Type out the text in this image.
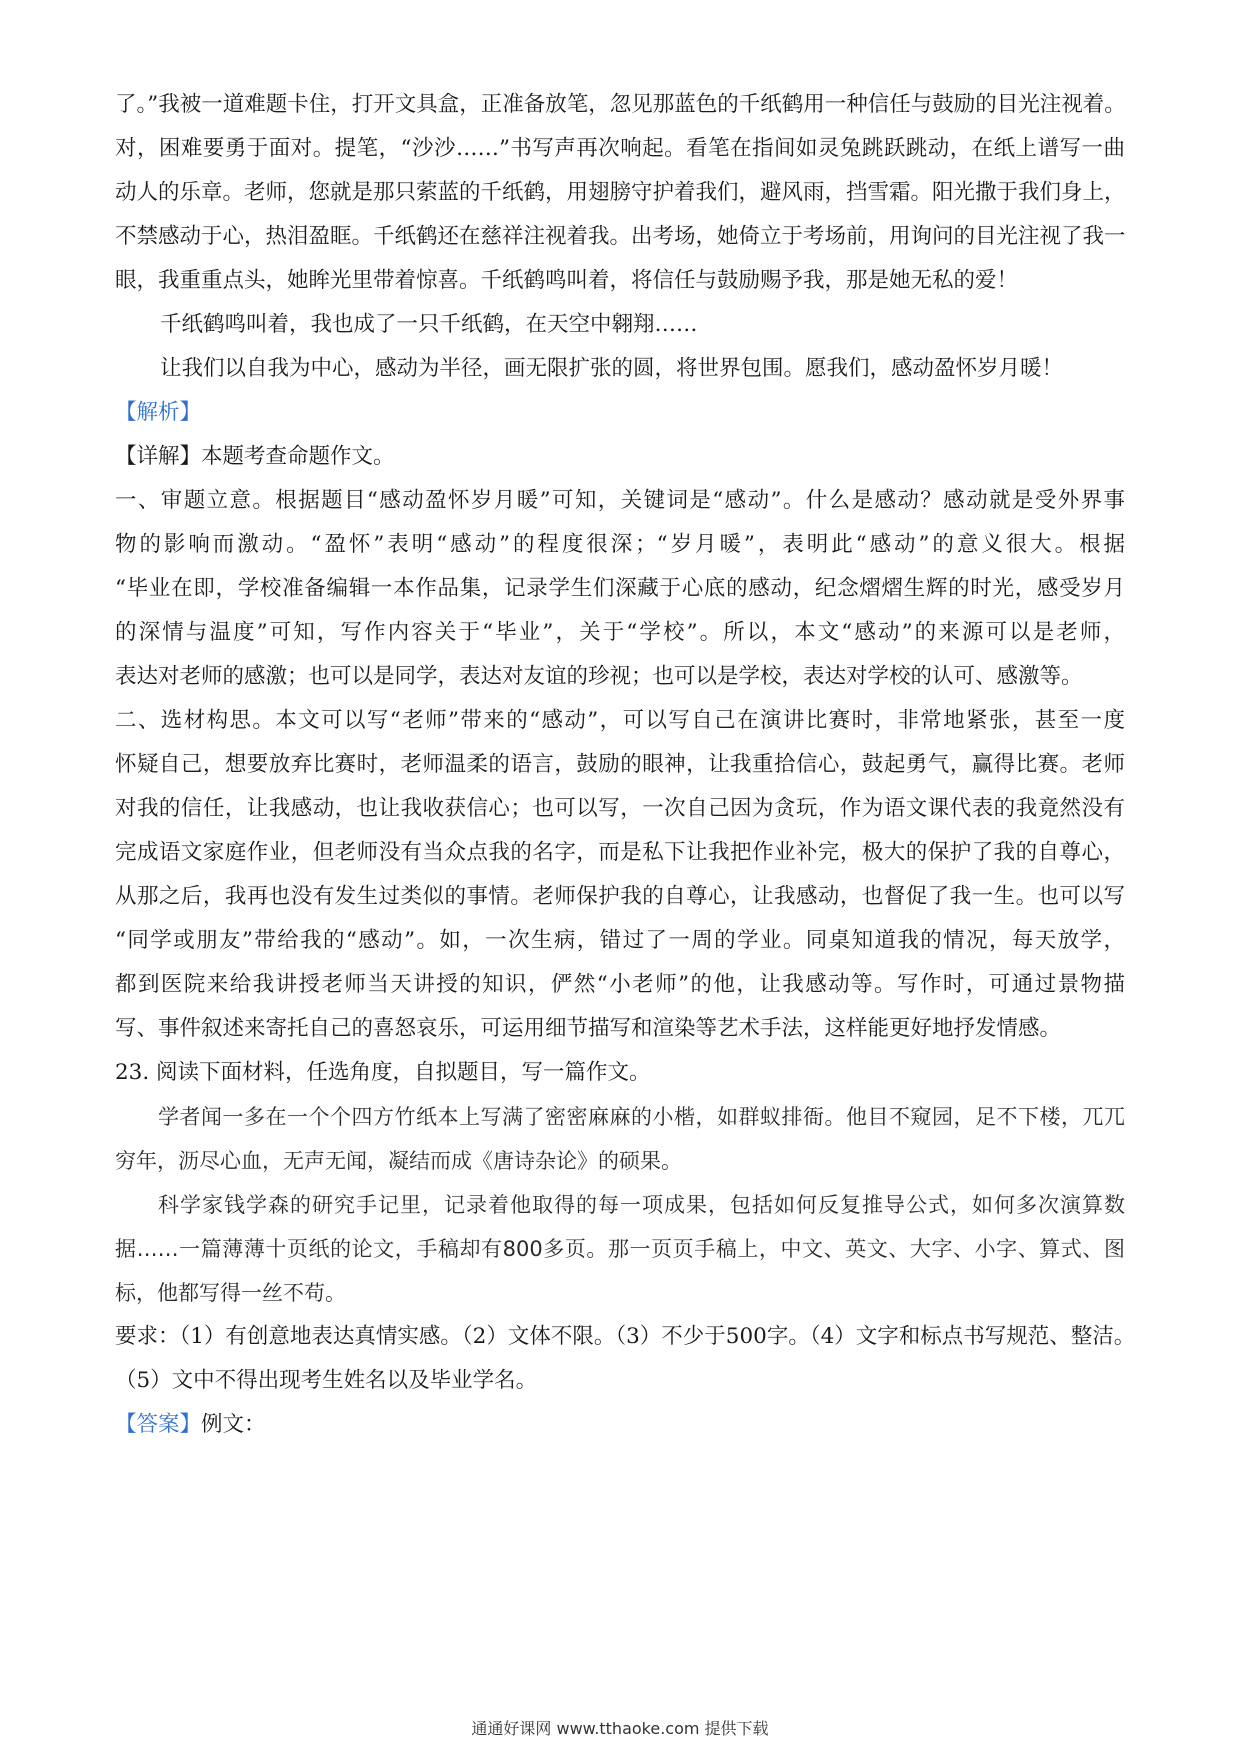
了。”我被一道难题卡住，打开文具盒，正准备放笔，忽见那蓝色的千纸鹤用一种信任与鼓励的目光注视着。
对，困难要勇于面对。提笔，“沙沙……”书写声再次响起。看笔在指间如灵兔跳跃跳动，在纸上谱写一曲
动人的乐章。老师，您就是那只萦蓝的千纸鹤，用翅膀守护着我们，避风雨，挡雪霜。阳光撒于我们身上，
不禁感动于心，热泪盈眶。千纸鹤还在慈祥注视着我。出考场，她倚立于考场前，用询问的目光注视了我一
眼，我重重点头，她眸光里带着惊喜。千纸鹤鸣叫着，将信任与鼓励赐予我，那是她无私的爱！
千纸鹤鸣叫着，我也成了一只千纸鹤，在天空中翱翔……
让我们以自我为中心，感动为半径，画无限扩张的圆，将世界包围。愿我们，感动盈怀岁月暖！
【解析】
【详解】本题考查命题作文。
一、审题立意。根据题目“感动盈怀岁月暖”可知，关键词是“感动”。什么是感动？感动就是受外界事
物的影响而激动。“盈怀”表明“感动”的程度很深；“岁月暖”，表明此“感动”的意义很大。根据
“毕业在即，学校准备编辑一本作品集，记录学生们深藏于心底的感动，纪念熠熠生辉的时光，感受岁月
的深情与温度”可知，写作内容关于“毕业”，关于“学校”。所以，本文“感动”的来源可以是老师，
表达对老师的感激；也可以是同学，表达对友谊的珍视；也可以是学校，表达对学校的认可、感激等。
二、选材构思。本文可以写“老师”带来的“感动”，可以写自己在演讲比赛时，非常地紧张，甚至一度
怀疑自己，想要放弃比赛时，老师温柔的语言，鼓励的眼神，让我重拾信心，鼓起勇气，赢得比赛。老师
对我的信任，让我感动，也让我收获信心；也可以写，一次自己因为贪玩，作为语文课代表的我竟然没有
完成语文家庭作业，但老师没有当众点我的名字，而是私下让我把作业补完，极大的保护了我的自尊心，
从那之后，我再也没有发生过类似的事情。老师保护我的自尊心，让我感动，也督促了我一生。也可以写
“同学或朋友”带给我的“感动”。如，一次生病，错过了一周的学业。同桌知道我的情况，每天放学，
都到医院来给我讲授老师当天讲授的知识，俨然“小老师”的他，让我感动等。写作时，可通过景物描
写、事件叙述来寄托自己的喜怒哀乐，可运用细节描写和渲染等艺术手法，这样能更好地抒发情感。
23. 阅读下面材料，任选角度，自拟题目，写一篇作文。
学者闻一多在一个个四方竹纸本上写满了密密麻麻的小楷，如群蚁排衙。他目不窥园，足不下楼，兀兀
穷年，沥尽心血，无声无闻，凝结而成《唐诗杂论》的硕果。
科学家钱学森的研究手记里，记录着他取得的每一项成果，包括如何反复推导公式，如何多次演算数
据……一篇薄薄十页纸的论文，手稿却有800多页。那一页页手稿上，中文、英文、大字、小字、算式、图
标，他都写得一丝不苟。
要求：（1）有创意地表达真情实感。（2）文体不限。（3）不少于500字。（4）文字和标点书写规范、整洁。
（5）文中不得出现考生姓名以及毕业学名。
【答案】例文：
通通好课网 www.tthaoke.com 提供下载
